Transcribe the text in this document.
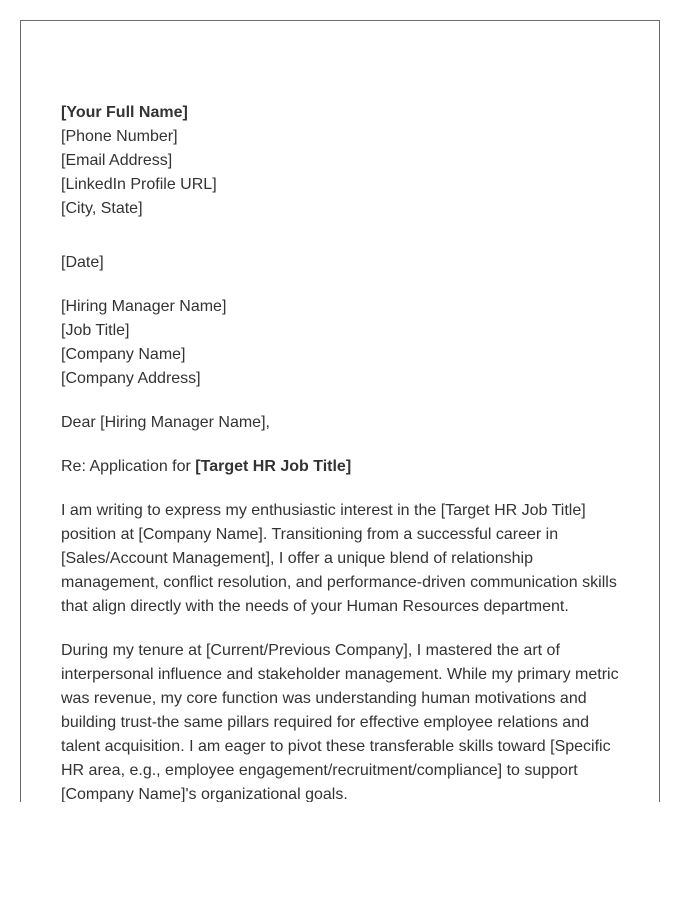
[Your Full Name]
[Phone Number]
[Email Address]
[LinkedIn Profile URL]
[City, State]
[Date]
[Hiring Manager Name]
[Job Title]
[Company Name]
[Company Address]
Dear [Hiring Manager Name],
Re: Application for [Target HR Job Title]

I am writing to express my enthusiastic interest in the [Target HR Job Title] position at [Company Name]. Transitioning from a successful career in [Sales/Account Management], I offer a unique blend of relationship management, conflict resolution, and performance-driven communication skills that align directly with the needs of your Human Resources department.

During my tenure at [Current/Previous Company], I mastered the art of interpersonal influence and stakeholder management. While my primary metric was revenue, my core function was understanding human motivations and building trust-the same pillars required for effective employee relations and talent acquisition. I am eager to pivot these transferable skills toward [Specific HR area, e.g., employee engagement/recruitment/compliance] to support [Company Name]'s organizational goals.
